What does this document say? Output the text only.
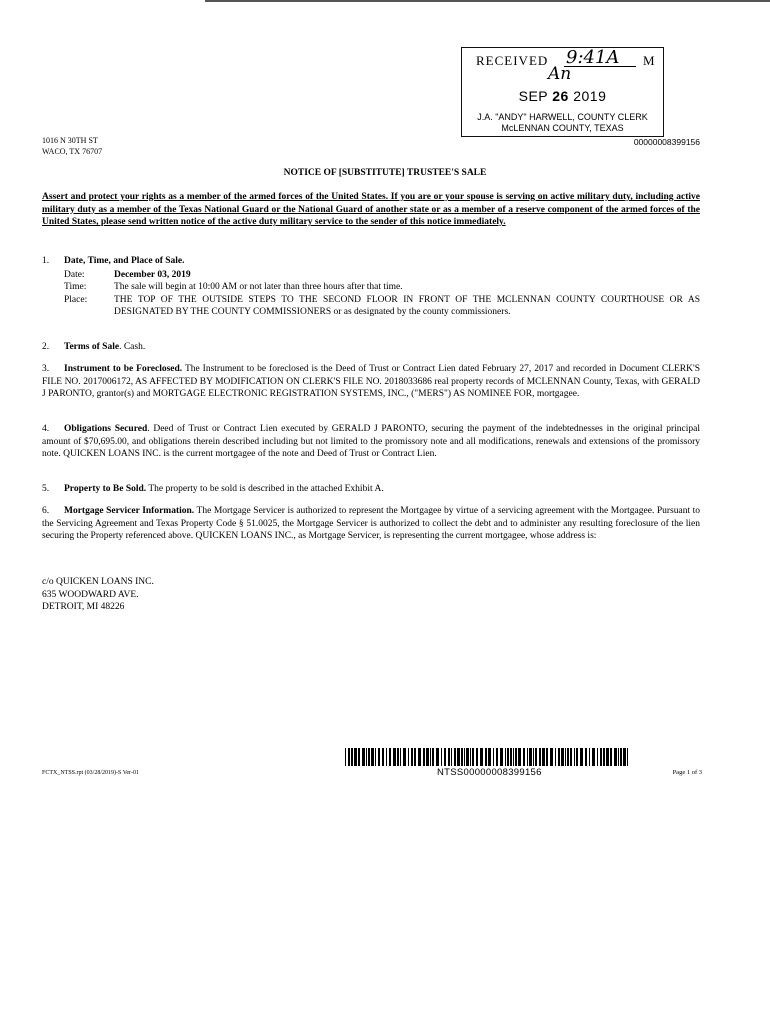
RECEIVED 9:41A M
An
SEP 26 2019
J.A. "ANDY" HARWELL, COUNTY CLERK
McLENNAN COUNTY, TEXAS
00000008399156
1016 N 30TH ST
WACO, TX 76707
NOTICE OF [SUBSTITUTE] TRUSTEE'S SALE
Assert and protect your rights as a member of the armed forces of the United States. If you are or your spouse is serving on active military duty, including active military duty as a member of the Texas National Guard or the National Guard of another state or as a member of a reserve component of the armed forces of the United States, please send written notice of the active duty military service to the sender of this notice immediately.
1. Date, Time, and Place of Sale.
Date:	December 03, 2019
Time:	The sale will begin at 10:00 AM or not later than three hours after that time.
Place:	THE TOP OF THE OUTSIDE STEPS TO THE SECOND FLOOR IN FRONT OF THE MCLENNAN COUNTY COURTHOUSE OR AS DESIGNATED BY THE COUNTY COMMISSIONERS or as designated by the county commissioners.
2. Terms of Sale. Cash.
3. Instrument to be Foreclosed. The Instrument to be foreclosed is the Deed of Trust or Contract Lien dated February 27, 2017 and recorded in Document CLERK'S FILE NO. 2017006172, AS AFFECTED BY MODIFICATION ON CLERK'S FILE NO. 2018033686 real property records of MCLENNAN County, Texas, with GERALD J PARONTO, grantor(s) and MORTGAGE ELECTRONIC REGISTRATION SYSTEMS, INC., ("MERS") AS NOMINEE FOR, mortgagee.
4. Obligations Secured. Deed of Trust or Contract Lien executed by GERALD J PARONTO, securing the payment of the indebtednesses in the original principal amount of $70,695.00, and obligations therein described including but not limited to the promissory note and all modifications, renewals and extensions of the promissory note. QUICKEN LOANS INC. is the current mortgagee of the note and Deed of Trust or Contract Lien.
5. Property to Be Sold. The property to be sold is described in the attached Exhibit A.
6. Mortgage Servicer Information. The Mortgage Servicer is authorized to represent the Mortgagee by virtue of a servicing agreement with the Mortgagee. Pursuant to the Servicing Agreement and Texas Property Code § 51.0025, the Mortgage Servicer is authorized to collect the debt and to administer any resulting foreclosure of the lien securing the Property referenced above. QUICKEN LOANS INC., as Mortgage Servicer, is representing the current mortgagee, whose address is:
c/o QUICKEN LOANS INC.
635 WOODWARD AVE.
DETROIT, MI 48226
NTSS00000008399156
FCTX_NTSS.rpt (03/28/2019)-S Ver-01	Page 1 of 3
